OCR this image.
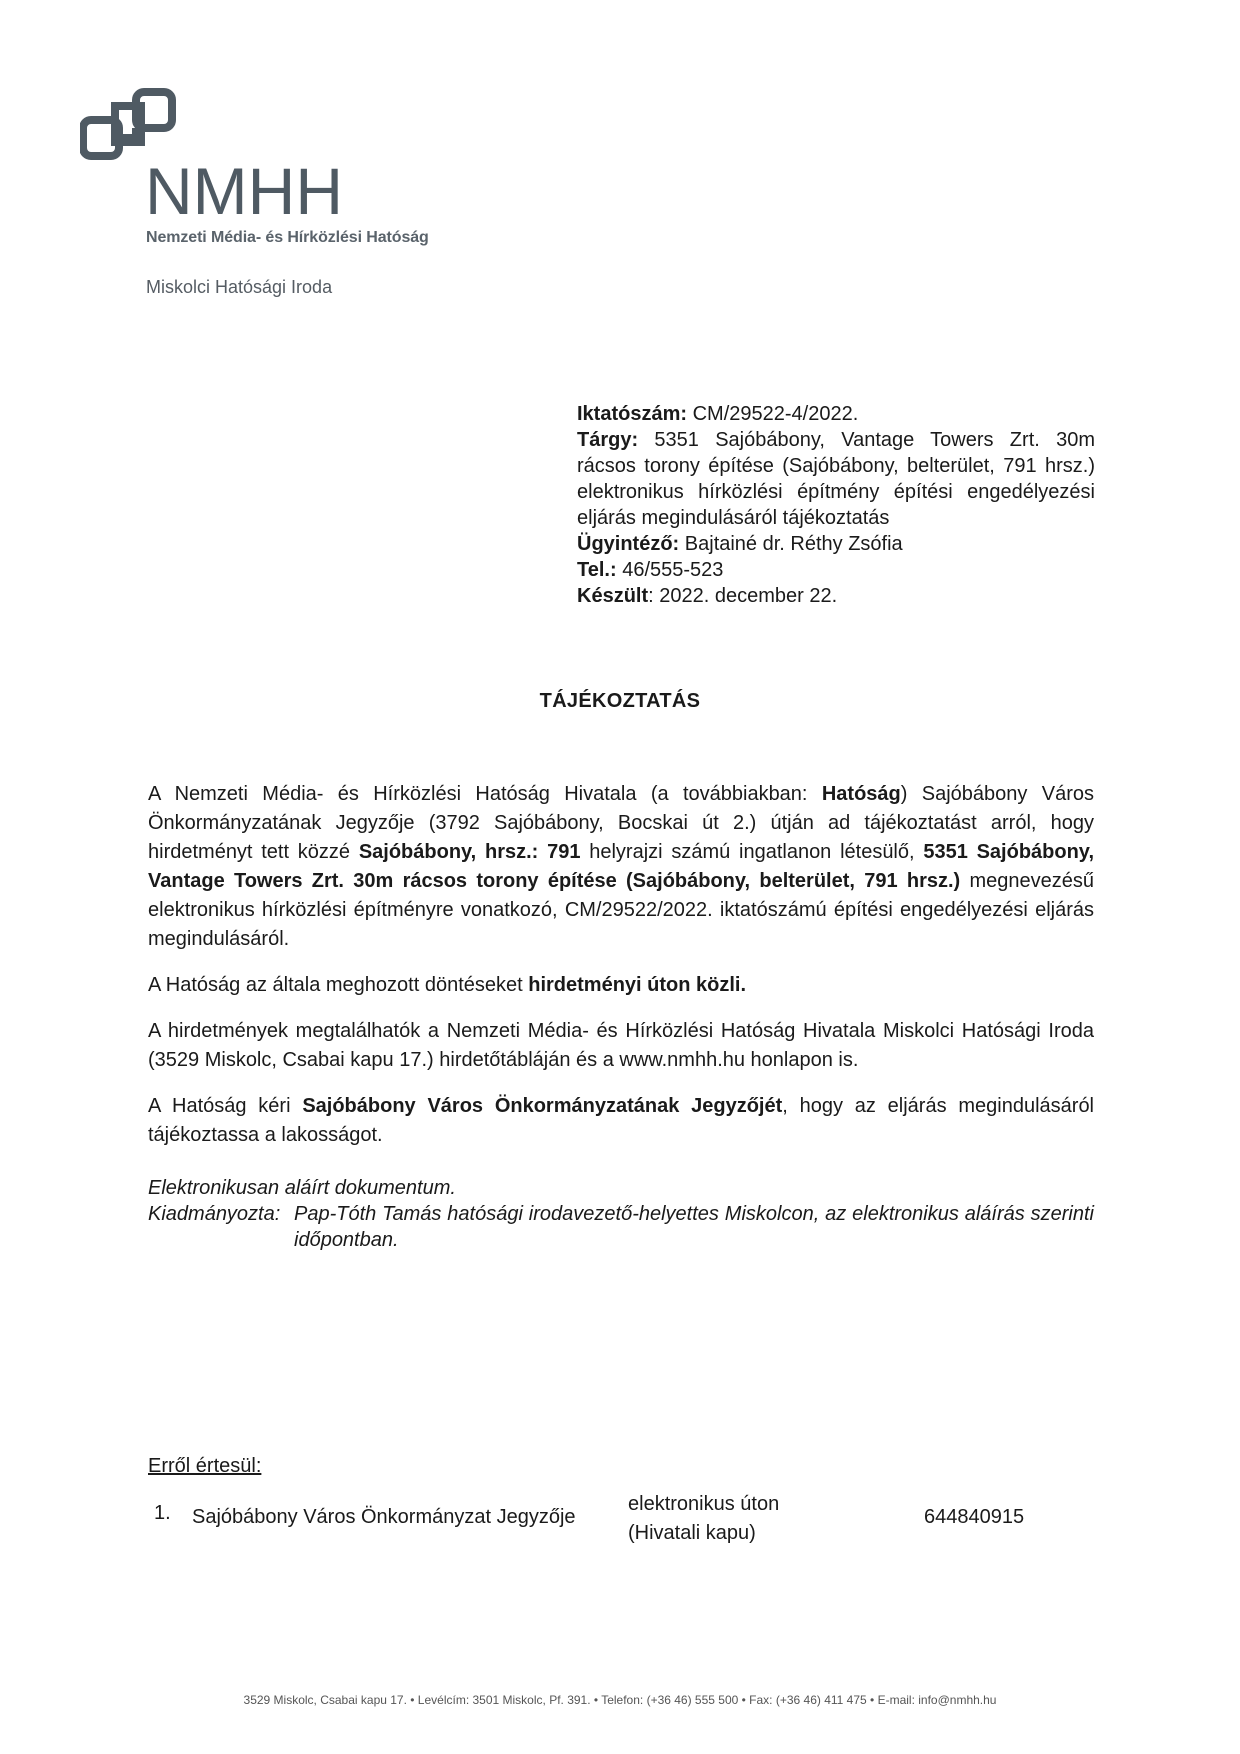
NMHH
Nemzeti Média- és Hírközlési Hatóság
Miskolci Hatósági Iroda
Iktatószám: CM/29522-4/2022.
Tárgy: 5351 Sajóbábony, Vantage Towers Zrt. 30m rácsos torony építése (Sajóbábony, belterület, 791 hrsz.) elektronikus hírközlési építmény építési engedélyezési eljárás megindulásáról tájékoztatás
Ügyintéző: Bajtainé dr. Réthy Zsófia
Tel.: 46/555-523
Készült: 2022. december 22.
TÁJÉKOZTATÁS

A Nemzeti Média- és Hírközlési Hatóság Hivatala (a továbbiakban: Hatóság) Sajóbábony Város Önkormányzatának Jegyzője (3792 Sajóbábony, Bocskai út 2.) útján ad tájékoztatást arról, hogy hirdetményt tett közzé Sajóbábony, hrsz.: 791 helyrajzi számú ingatlanon létesülő, 5351 Sajóbábony, Vantage Towers Zrt. 30m rácsos torony építése (Sajóbábony, belterület, 791 hrsz.) megnevezésű elektronikus hírközlési építményre vonatkozó, CM/29522/2022. iktatószámú építési engedélyezési eljárás megindulásáról.

A Hatóság az általa meghozott döntéseket hirdetményi úton közli.

A hirdetmények megtalálhatók a Nemzeti Média- és Hírközlési Hatóság Hivatala Miskolci Hatósági Iroda (3529 Miskolc, Csabai kapu 17.) hirdetőtábláján és a www.nmhh.hu honlapon is.

A Hatóság kéri Sajóbábony Város Önkormányzatának Jegyzőjét, hogy az eljárás megindulásáról tájékoztassa a lakosságot.

Elektronikusan aláírt dokumentum.
Kiadmányozta: Pap-Tóth Tamás hatósági irodavezető-helyettes Miskolcon, az elektronikus aláírás szerinti időpontban.
Erről értesül:
1. Sajóbábony Város Önkormányzat Jegyzője
elektronikus úton
(Hivatali kapu)
644840915
3529 Miskolc, Csabai kapu 17. • Levélcím: 3501 Miskolc, Pf. 391. • Telefon: (+36 46) 555 500 • Fax: (+36 46) 411 475 • E-mail: info@nmhh.hu
